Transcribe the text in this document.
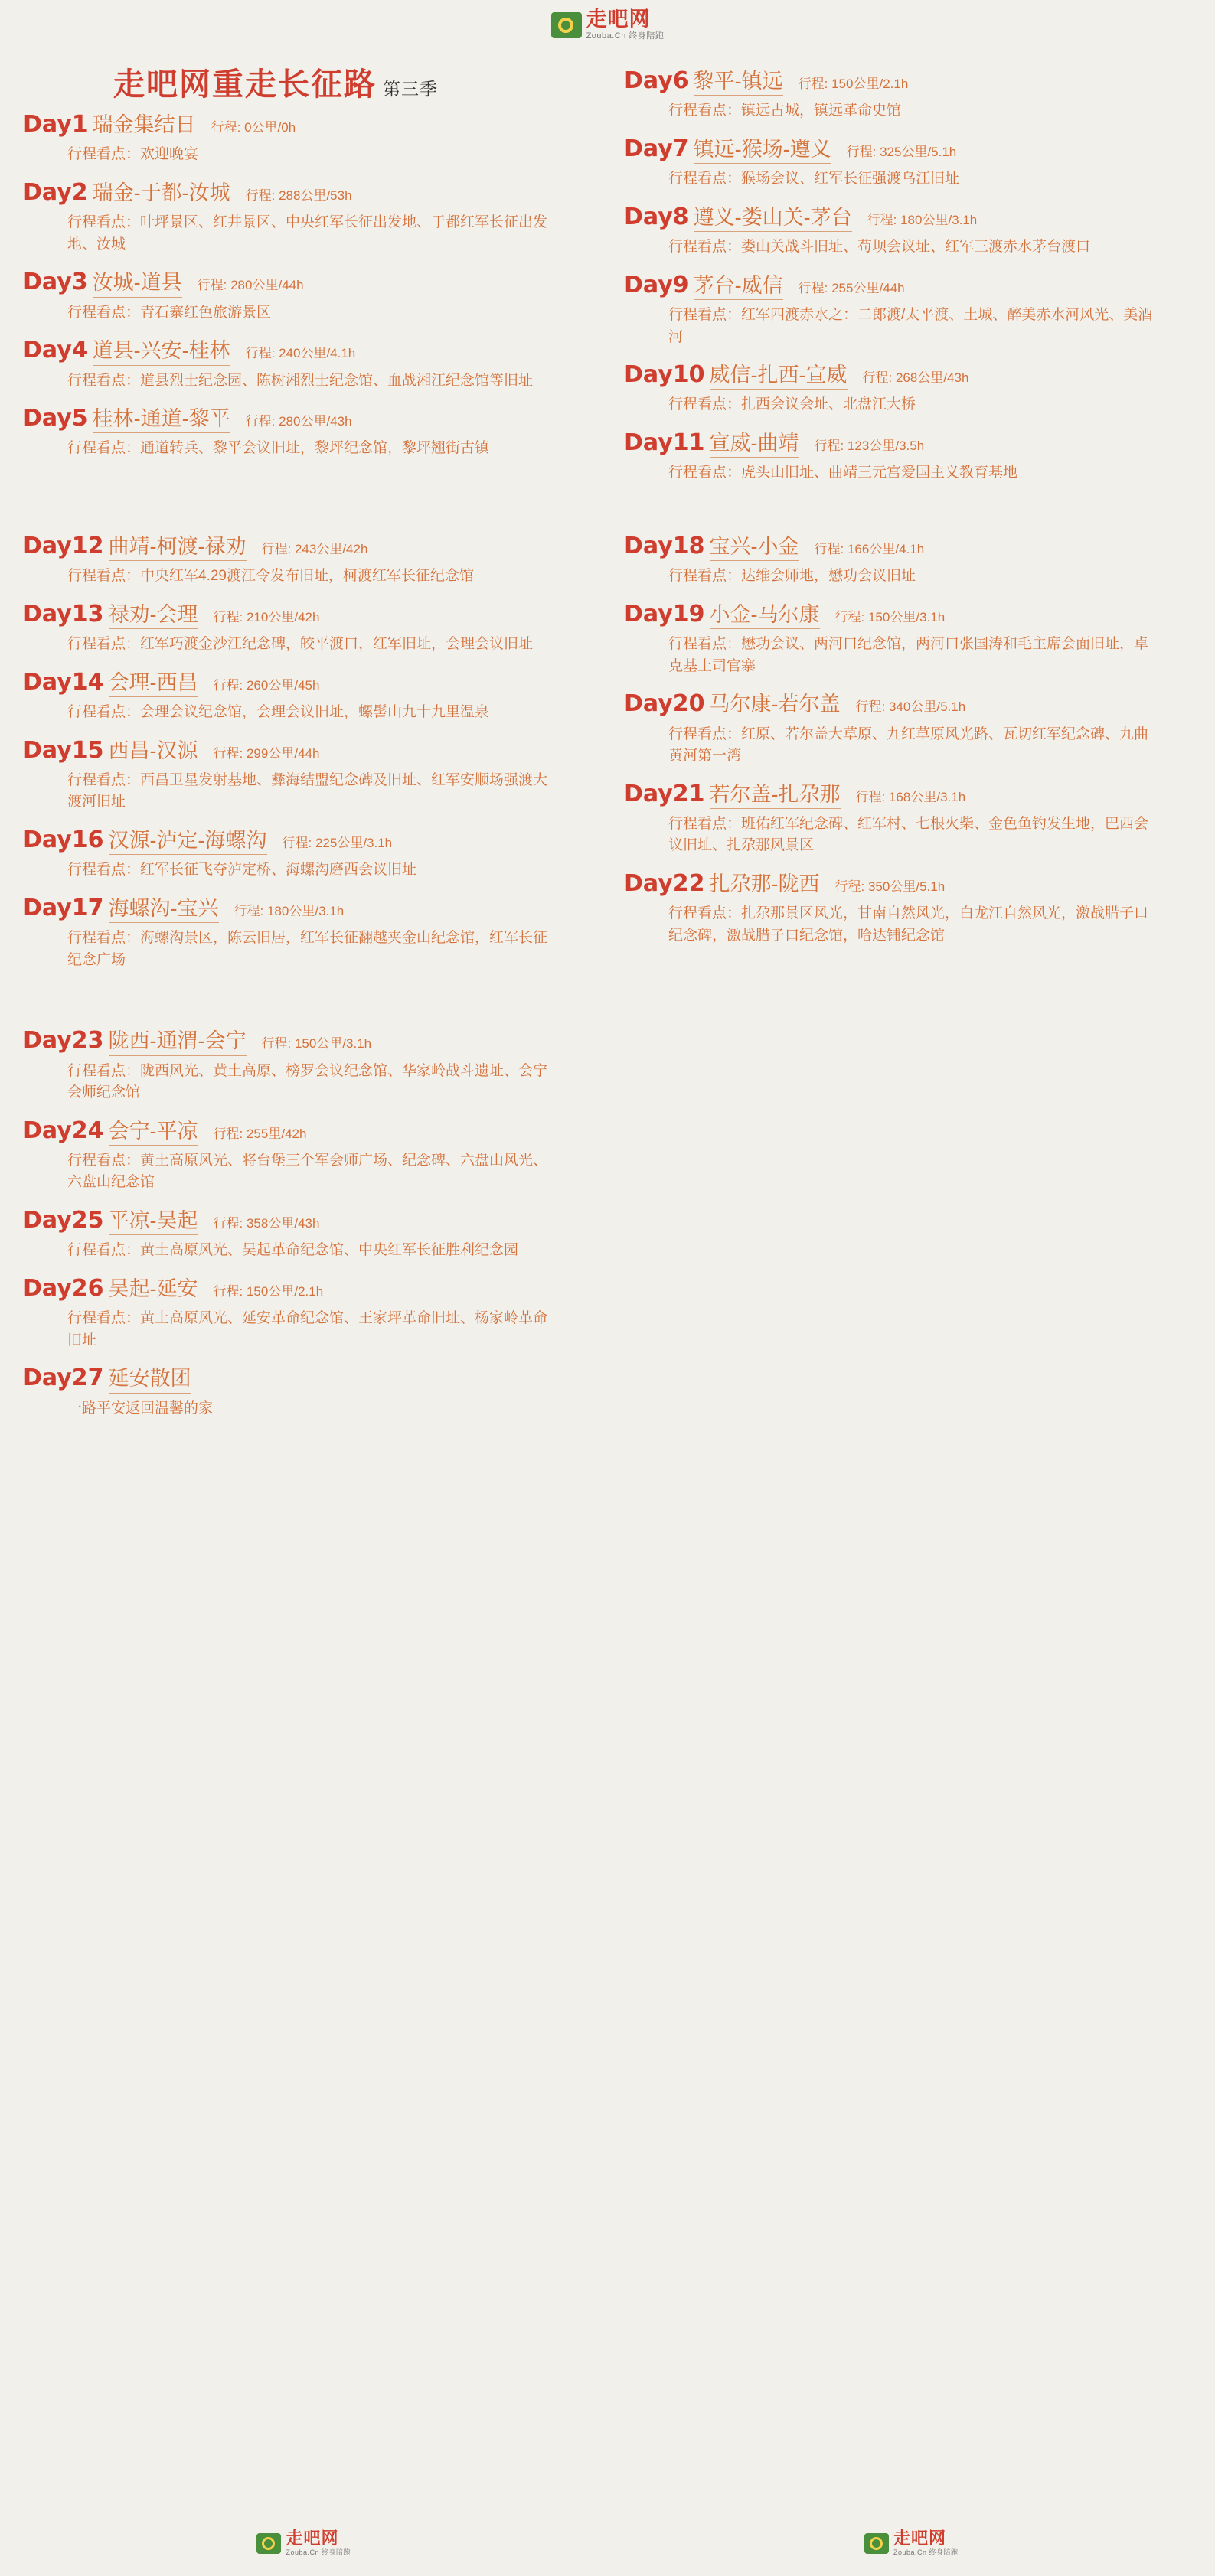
走吧网
Zouba.Cn 终身陪跑
走吧网重走长征路 第三季
Day1 瑞金集结日 行程: 0公里/0h
行程看点：欢迎晚宴
Day2 瑞金-于都-汝城 行程: 288公里/53h
行程看点：叶坪景区、红井景区、中央红军长征出发地、于都红军长征出发地、汝城
Day3 汝城-道县 行程: 280公里/44h
行程看点：青石寨红色旅游景区
Day4 道县-兴安-桂林 行程: 240公里/4.1h
行程看点：道县烈士纪念园、陈树湘烈士纪念馆、血战湘江纪念馆等旧址
Day5 桂林-通道-黎平 行程: 280公里/43h
行程看点：通道转兵、黎平会议旧址，黎坪纪念馆，黎坪翘街古镇
Day6 黎平-镇远 行程: 150公里/2.1h
行程看点：镇远古城，镇远革命史馆
Day7 镇远-猴场-遵义 行程: 325公里/5.1h
行程看点：猴场会议、红军长征强渡乌江旧址
Day8 遵义-娄山关-茅台 行程: 180公里/3.1h
行程看点：娄山关战斗旧址、苟坝会议址、红军三渡赤水茅台渡口
Day9 茅台-威信 行程: 255公里/44h
行程看点：红军四渡赤水之：二郎渡/太平渡、土城、醉美赤水河风光、美酒河
Day10 威信-扎西-宣威 行程: 268公里/43h
行程看点：扎西会议会址、北盘江大桥
Day11 宣威-曲靖 行程: 123公里/3.5h
行程看点：虎头山旧址、曲靖三元宫爱国主义教育基地
Day12 曲靖-柯渡-禄劝 行程: 243公里/42h
行程看点：中央红军4.29渡江令发布旧址，柯渡红军长征纪念馆
Day13 禄劝-会理 行程: 210公里/42h
行程看点：红军巧渡金沙江纪念碑，皎平渡口，红军旧址，会理会议旧址
Day14 会理-西昌 行程: 260公里/45h
行程看点：会理会议纪念馆，会理会议旧址，螺髻山九十九里温泉
Day15 西昌-汉源 行程: 299公里/44h
行程看点：西昌卫星发射基地、彝海结盟纪念碑及旧址、红军安顺场强渡大渡河旧址
Day16 汉源-泸定-海螺沟 行程: 225公里/3.1h
行程看点：红军长征飞夺泸定桥、海螺沟磨西会议旧址
Day17 海螺沟-宝兴 行程: 180公里/3.1h
行程看点：海螺沟景区，陈云旧居，红军长征翻越夹金山纪念馆，红军长征纪念广场
Day18 宝兴-小金 行程: 166公里/4.1h
行程看点：达维会师地，懋功会议旧址
Day19 小金-马尔康 行程: 150公里/3.1h
行程看点：懋功会议、两河口纪念馆，两河口张国涛和毛主席会面旧址，卓克基土司官寨
Day20 马尔康-若尔盖 行程: 340公里/5.1h
行程看点：红原、若尔盖大草原、九红草原风光路、瓦切红军纪念碑、九曲黄河第一湾
Day21 若尔盖-扎尕那 行程: 168公里/3.1h
行程看点：班佑红军纪念碑、红军村、七根火柴、金色鱼钓发生地，巴西会议旧址、扎尕那风景区
Day22 扎尕那-陇西 行程: 350公里/5.1h
行程看点：扎尕那景区风光，甘南自然风光，白龙江自然风光，激战腊子口纪念碑，激战腊子口纪念馆，哈达铺纪念馆
Day23 陇西-通渭-会宁 行程: 150公里/3.1h
行程看点：陇西风光、黄土高原、榜罗会议纪念馆、华家岭战斗遗址、会宁会师纪念馆
Day24 会宁-平凉 行程: 255里/42h
行程看点：黄土高原风光、将台堡三个军会师广场、纪念碑、六盘山风光、六盘山纪念馆
Day25 平凉-吴起 行程: 358公里/43h
行程看点：黄土高原风光、吴起革命纪念馆、中央红军长征胜利纪念园
Day26 吴起-延安 行程: 150公里/2.1h
行程看点：黄土高原风光、延安革命纪念馆、王家坪革命旧址、杨家岭革命旧址
Day27 延安散团
一路平安返回温馨的家
走吧网
Zouba.Cn 终身陪跑
走吧网
Zouba.Cn 终身陪跑
